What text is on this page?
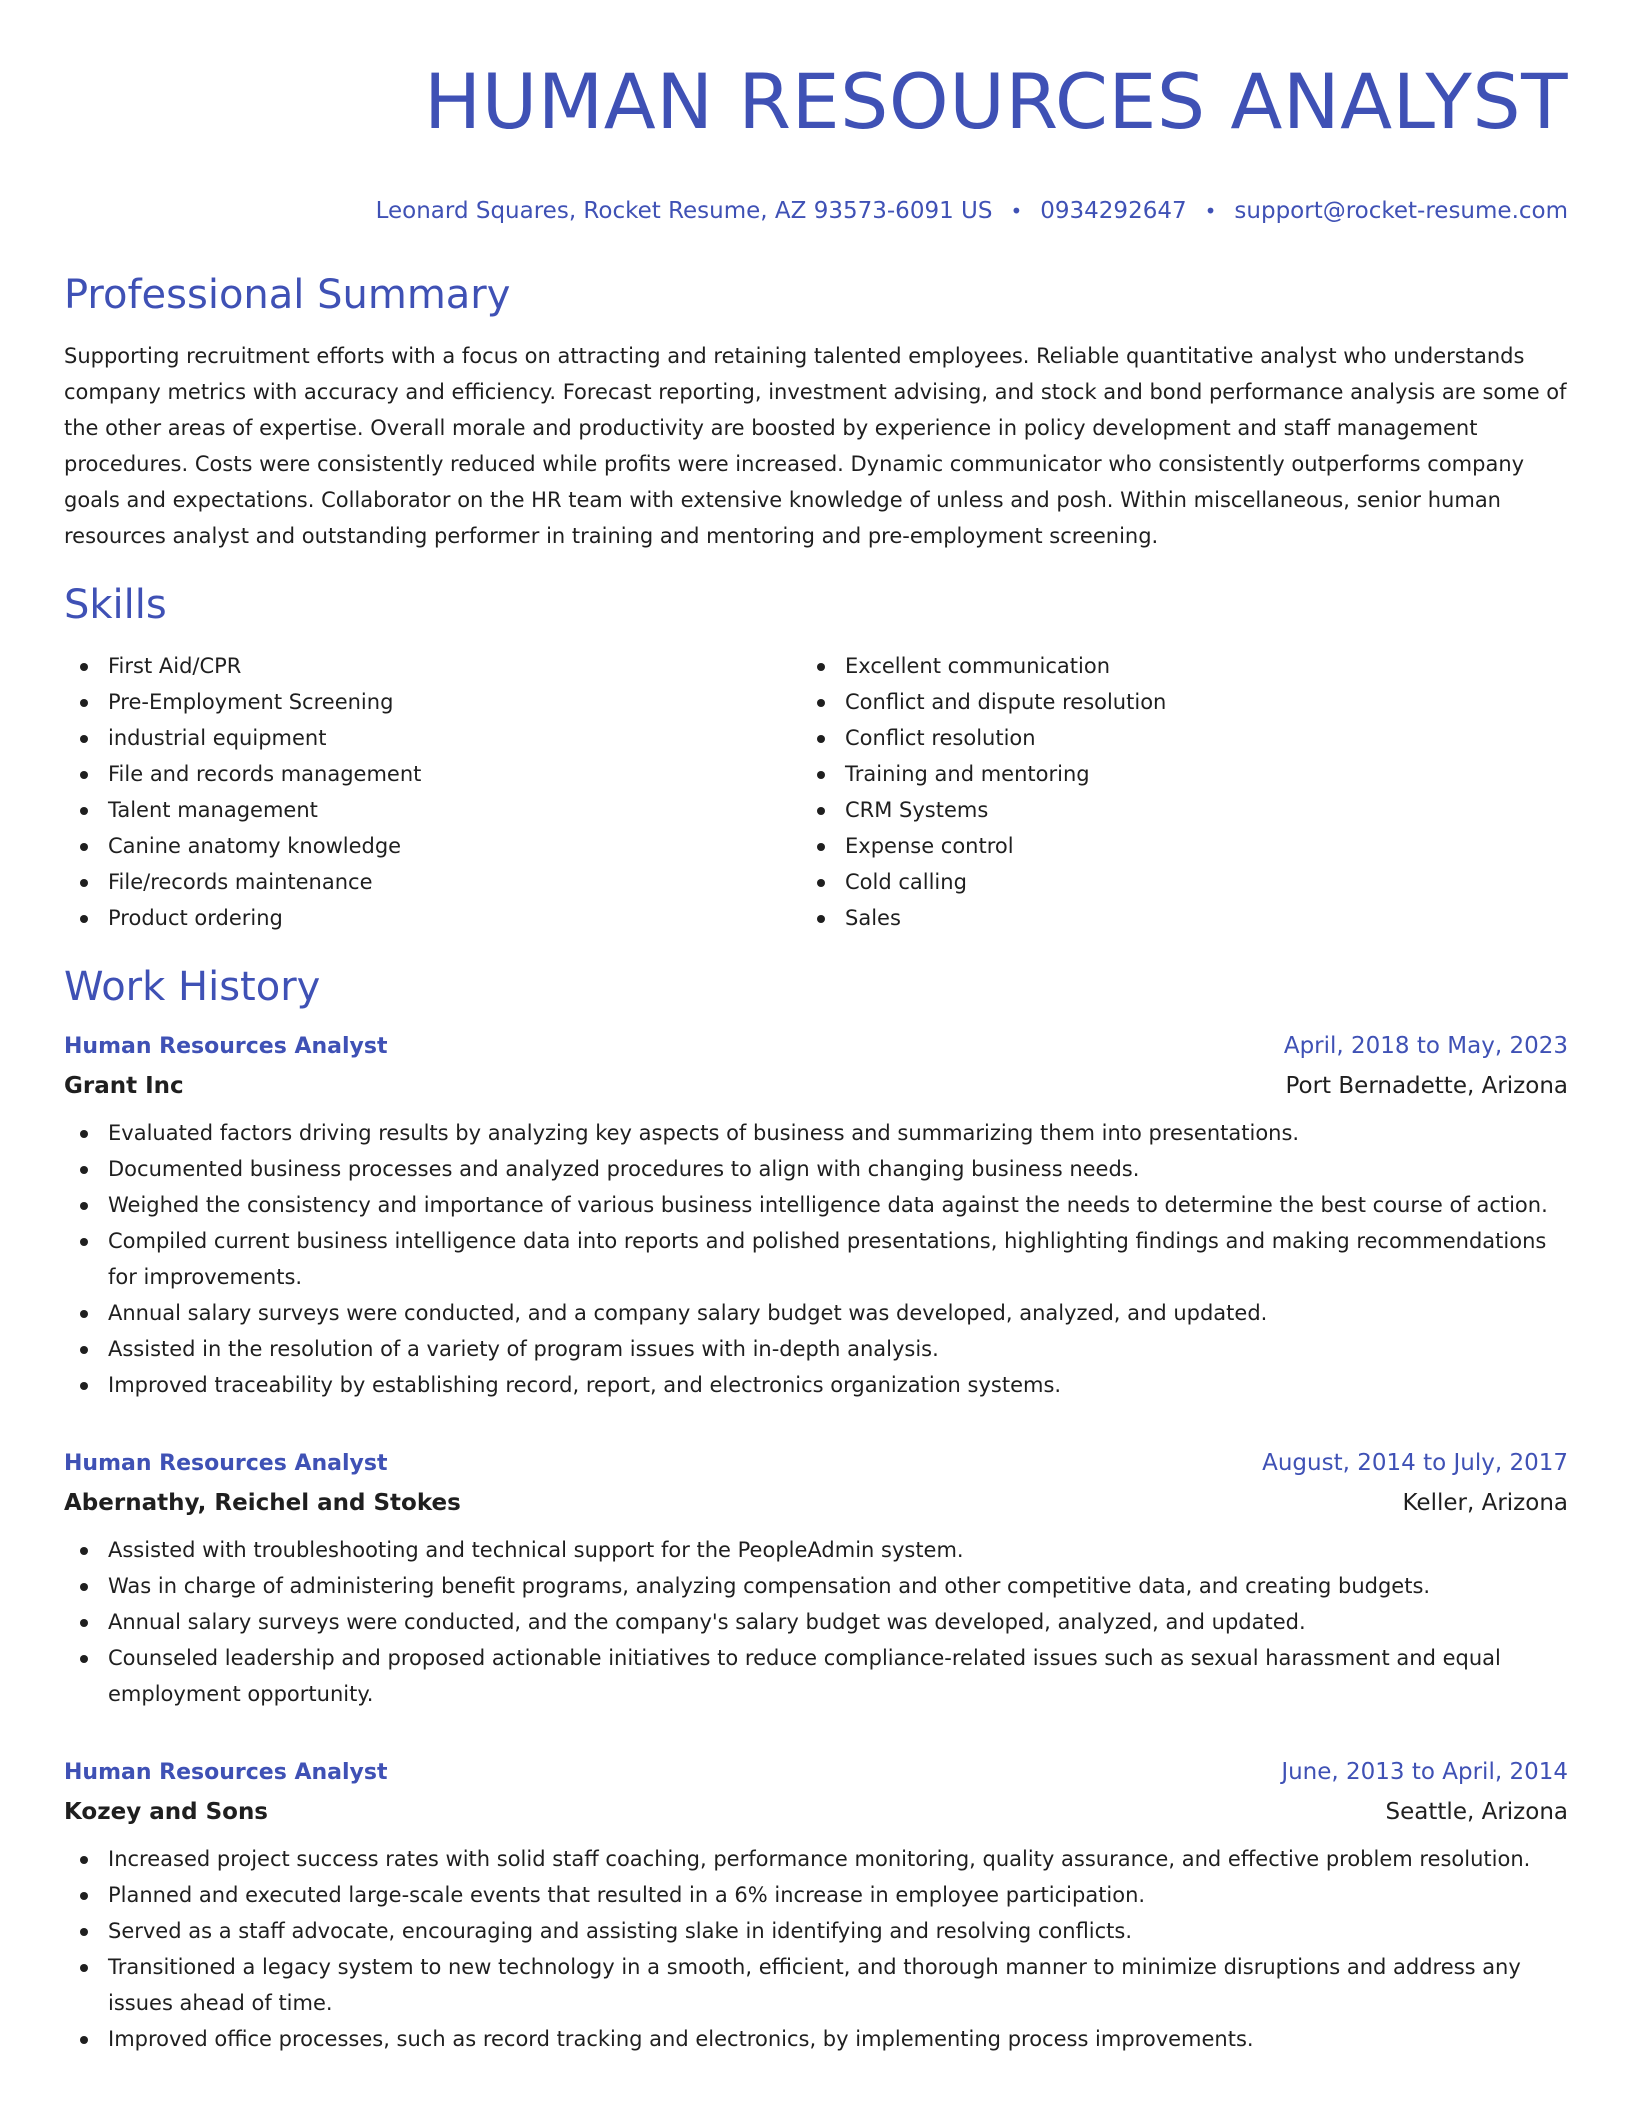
HUMAN RESOURCES ANALYST
Leonard Squares, Rocket Resume, AZ 93573-6091 US • 0934292647 • support@rocket-resume.com
Professional Summary

Supporting recruitment efforts with a focus on attracting and retaining talented employees. Reliable quantitative analyst who understands company metrics with accuracy and efficiency. Forecast reporting, investment advising, and stock and bond performance analysis are some of the other areas of expertise. Overall morale and productivity are boosted by experience in policy development and staff management procedures. Costs were consistently reduced while profits were increased. Dynamic communicator who consistently outperforms company goals and expectations. Collaborator on the HR team with extensive knowledge of unless and posh. Within miscellaneous, senior human resources analyst and outstanding performer in training and mentoring and pre-employment screening.

Skills
First Aid/CPR
Pre-Employment Screening
industrial equipment
File and records management
Talent management
Canine anatomy knowledge
File/records maintenance
Product ordering
Excellent communication
Conflict and dispute resolution
Conflict resolution
Training and mentoring
CRM Systems
Expense control
Cold calling
Sales
Work History
Human Resources Analyst	April, 2018 to May, 2023
Grant Inc	Port Bernadette, Arizona
Evaluated factors driving results by analyzing key aspects of business and summarizing them into presentations.
Documented business processes and analyzed procedures to align with changing business needs.
Weighed the consistency and importance of various business intelligence data against the needs to determine the best course of action.
Compiled current business intelligence data into reports and polished presentations, highlighting findings and making recommendations for improvements.
Annual salary surveys were conducted, and a company salary budget was developed, analyzed, and updated.
Assisted in the resolution of a variety of program issues with in-depth analysis.
Improved traceability by establishing record, report, and electronics organization systems.
Human Resources Analyst	August, 2014 to July, 2017
Abernathy, Reichel and Stokes	Keller, Arizona
Assisted with troubleshooting and technical support for the PeopleAdmin system.
Was in charge of administering benefit programs, analyzing compensation and other competitive data, and creating budgets.
Annual salary surveys were conducted, and the company's salary budget was developed, analyzed, and updated.
Counseled leadership and proposed actionable initiatives to reduce compliance-related issues such as sexual harassment and equal employment opportunity.
Human Resources Analyst	June, 2013 to April, 2014
Kozey and Sons	Seattle, Arizona
Increased project success rates with solid staff coaching, performance monitoring, quality assurance, and effective problem resolution.
Planned and executed large-scale events that resulted in a 6% increase in employee participation.
Served as a staff advocate, encouraging and assisting slake in identifying and resolving conflicts.
Transitioned a legacy system to new technology in a smooth, efficient, and thorough manner to minimize disruptions and address any issues ahead of time.
Improved office processes, such as record tracking and electronics, by implementing process improvements.
